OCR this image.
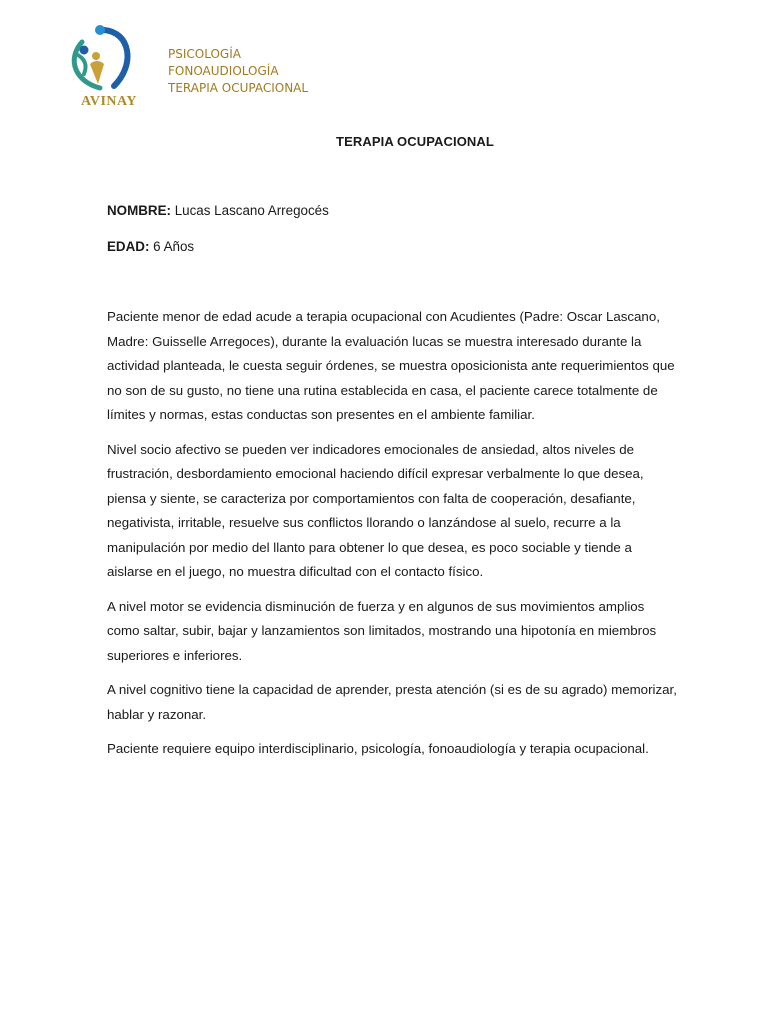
AVINAY
PSICOLOGÍA
FONOAUDIOLOGÍA
TERAPIA OCUPACIONAL
TERAPIA OCUPACIONAL
NOMBRE: Lucas Lascano Arregocés
EDAD: 6 Años

Paciente menor de edad acude a terapia ocupacional con Acudientes (Padre: Oscar Lascano, Madre: Guisselle Arregoces), durante la evaluación lucas se muestra interesado durante la actividad planteada, le cuesta seguir órdenes, se muestra oposicionista ante requerimientos que no son de su gusto, no tiene una rutina establecida en casa, el paciente carece totalmente de límites y normas, estas conductas son presentes en el ambiente familiar.

Nivel socio afectivo se pueden ver indicadores emocionales de ansiedad, altos niveles de frustración, desbordamiento emocional haciendo difícil expresar verbalmente lo que desea, piensa y siente, se caracteriza por comportamientos con falta de cooperación, desafiante, negativista, irritable, resuelve sus conflictos llorando o lanzándose al suelo, recurre a la manipulación por medio del llanto para obtener lo que desea, es poco sociable y tiende a aislarse en el juego, no muestra dificultad con el contacto físico.

A nivel motor se evidencia disminución de fuerza y en algunos de sus movimientos amplios como saltar, subir, bajar y lanzamientos son limitados, mostrando una hipotonía en miembros superiores e inferiores.

A nivel cognitivo tiene la capacidad de aprender, presta atención (si es de su agrado) memorizar, hablar y razonar.

Paciente requiere equipo interdisciplinario, psicología, fonoaudiología y terapia ocupacional.
